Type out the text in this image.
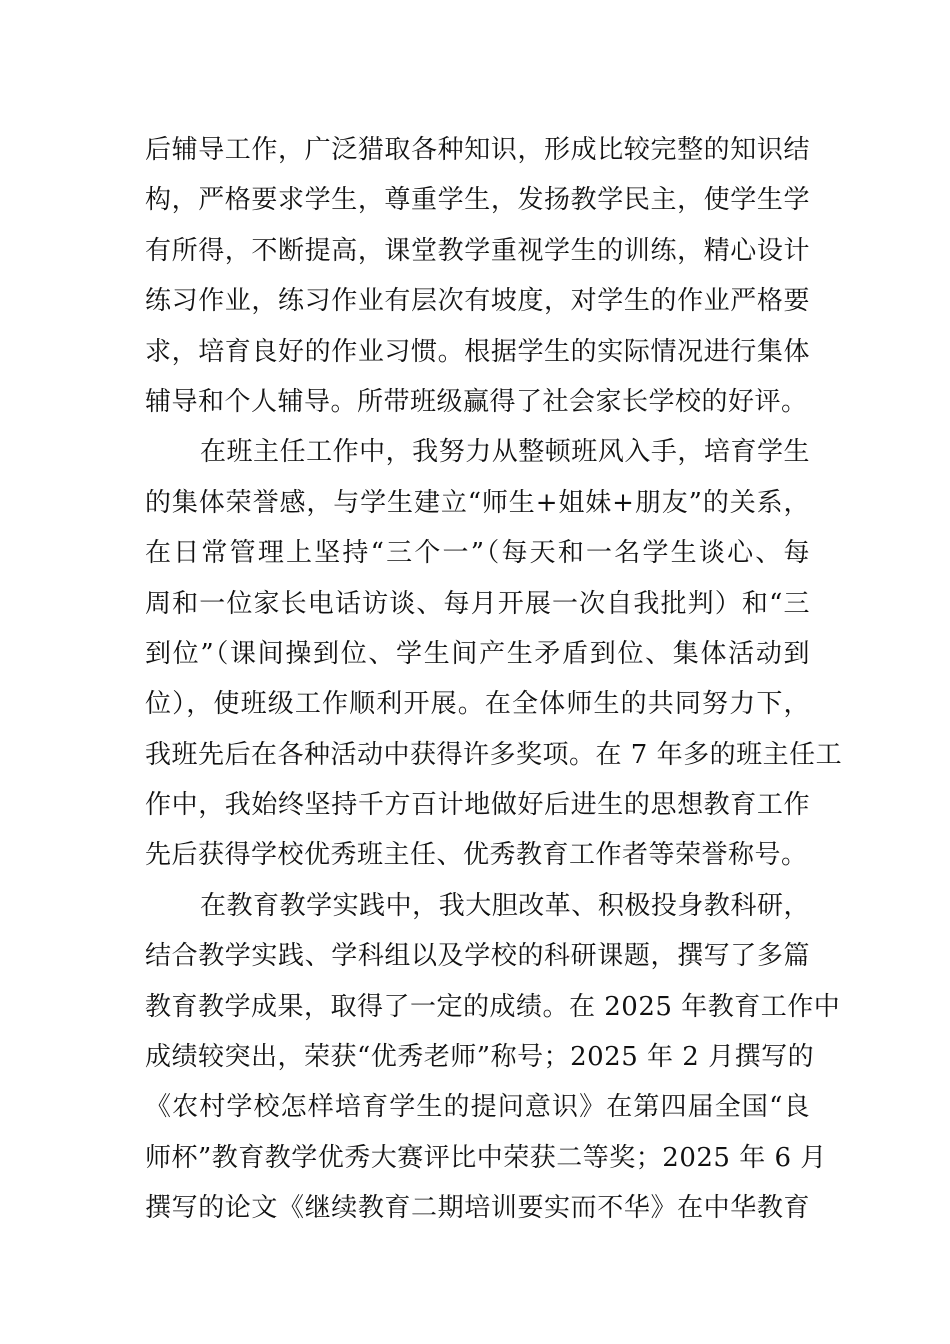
后辅导工作，广泛猎取各种知识，形成比较完整的知识结
构，严格要求学生，尊重学生，发扬教学民主，使学生学
有所得，不断提高，课堂教学重视学生的训练，精心设计
练习作业，练习作业有层次有坡度，对学生的作业严格要
求，培育良好的作业习惯。根据学生的实际情况进行集体
辅导和个人辅导。所带班级赢得了社会家长学校的好评。
在班主任工作中，我努力从整顿班风入手，培育学生
的集体荣誉感，与学生建立“师生+姐妹+朋友”的关系，
在日常管理上坚持“三个一”（每天和一名学生谈心、每
周和一位家长电话访谈、每月开展一次自我批判）和“三
到位”（课间操到位、学生间产生矛盾到位、集体活动到
位），使班级工作顺利开展。在全体师生的共同努力下，
我班先后在各种活动中获得许多奖项。在 7 年多的班主任工
作中，我始终坚持千方百计地做好后进生的思想教育工作
先后获得学校优秀班主任、优秀教育工作者等荣誉称号。
在教育教学实践中，我大胆改革、积极投身教科研，
结合教学实践、学科组以及学校的科研课题，撰写了多篇
教育教学成果，取得了一定的成绩。在 2025 年教育工作中
成绩较突出，荣获“优秀老师”称号；2025 年 2 月撰写的
《农村学校怎样培育学生的提问意识》在第四届全国“良
师杯”教育教学优秀大赛评比中荣获二等奖；2025 年 6 月
撰写的论文《继续教育二期培训要实而不华》在中华教育
